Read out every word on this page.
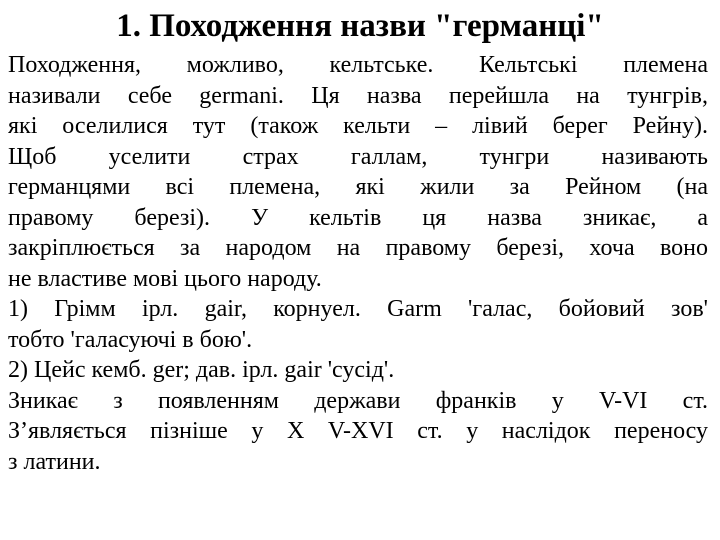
1. Походження назви "германці"
Походження, можливо, кельтське. Кельтські племена
називали себе germani. Ця назва перейшла на тунгрів,
які оселилися тут (також кельти – лівий берег Рейну).
Щоб уселити страх галлам, тунгри називають
германцями всі племена, які жили за Рейном (на
правому березі). У кельтів ця назва зникає, а
закріплюється за народом на правому березі, хоча воно
не властиве мові цього народу.
1) Грімм ірл. gair, корнуел. Garm 'галас, бойовий зов'
тобто 'галасуючі в бою'.
2) Цейс кемб. ger; дав. ірл. gair 'сусід'.
Зникає з появленням держави франків у V-VI ст.
З’являється пізніше у Х V-XVI ст. у наслідок переносу
з латини.
